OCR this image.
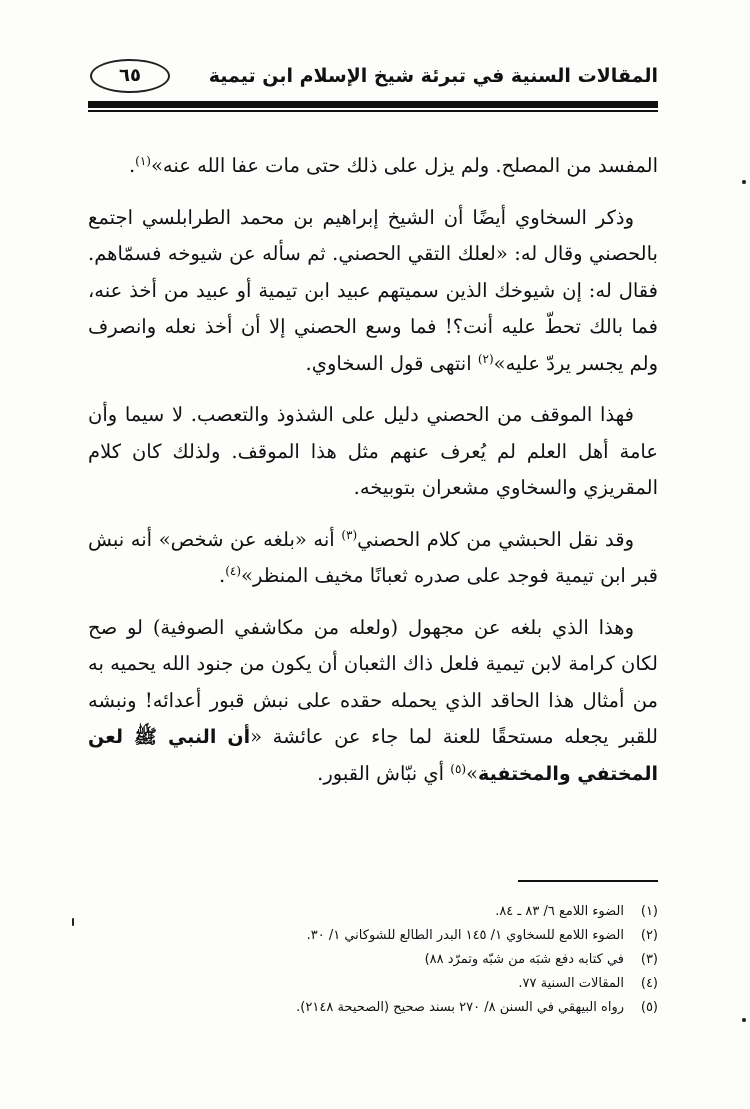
المقالات السنية في تبرئة شيخ الإسلام ابن تيمية
٦٥

المفسد من المصلح. ولم يزل على ذلك حتى مات عفا الله عنه»$^{(١)}$.

وذكر السخاوي أيضًا أن الشيخ إبراهيم بن محمد الطرابلسي اجتمع بالحصني وقال له: «لعلك التقي الحصني. ثم سأله عن شيوخه فسمّاهم. فقال له: إن شيوخك الذين سميتهم عبيد ابن تيمية أو عبيد من أخذ عنه، فما بالك تحطّ عليه أنت؟! فما وسع الحصني إلا أن أخذ نعله وانصرف ولم يجسر يردّ عليه»$^{(٢)}$ انتهى قول السخاوي.

فهذا الموقف من الحصني دليل على الشذوذ والتعصب. لا سيما وأن عامة أهل العلم لم يُعرف عنهم مثل هذا الموقف. ولذلك كان كلام المقريزي والسخاوي مشعران بتوبيخه.

وقد نقل الحبشي من كلام الحصني$^{(٣)}$ أنه «بلغه عن شخص» أنه نبش قبر ابن تيمية فوجد على صدره ثعبانًا مخيف المنظر»$^{(٤)}$.

وهذا الذي بلغه عن مجهول (ولعله من مكاشفي الصوفية) لو صح لكان كرامة لابن تيمية فلعل ذاك الثعبان أن يكون من جنود الله يحميه به من أمثال هذا الحاقد الذي يحمله حقده على نبش قبور أعدائه! ونبشه للقبر يجعله مستحقًا للعنة لما جاء عن عائشة «أن النبي ﷺ لعن المختفي والمختفية»$^{(٥)}$ أي نبّاش القبور.

(١)الضوء اللامع ٦/ ٨٣ ـ ٨٤.
(٢)الضوء اللامع للسخاوي ١/ ١٤٥ البدر الطالع للشوكاني ١/ ٣٠.
(٣)في كتابه دفع شبَه من شبّه وتمرّد ٨٨)
(٤)المقالات السنية ٧٧.
(٥)رواه البيهقي في السنن ٨/ ٢٧٠ بسند صحيح (الصحيحة ٢١٤٨).
